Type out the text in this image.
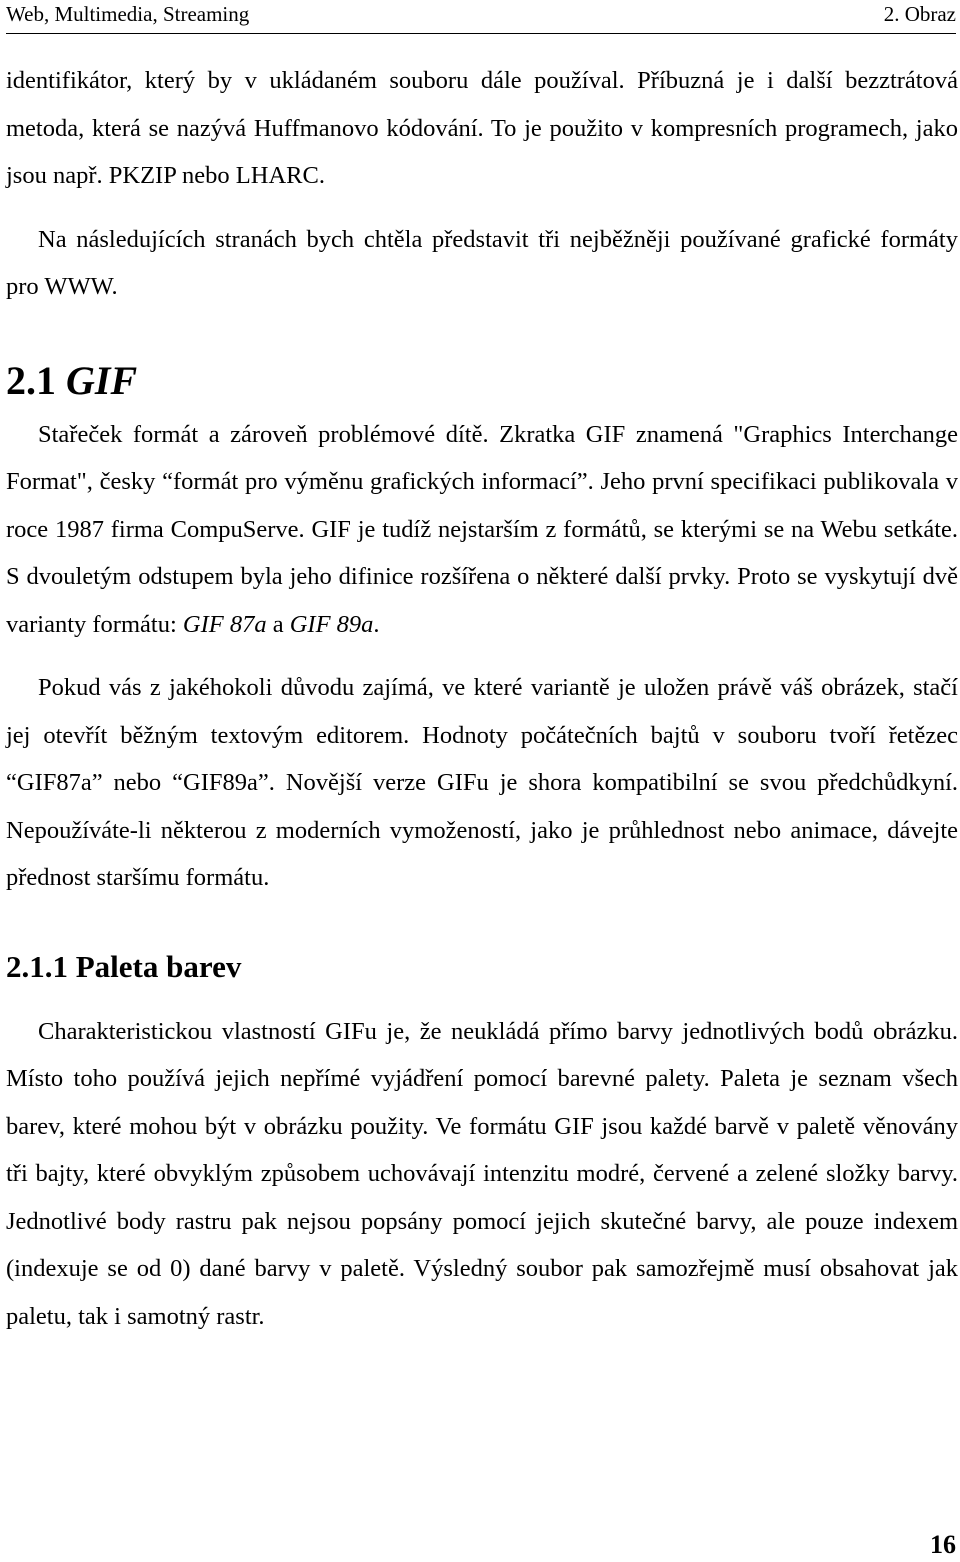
Web, Multimedia, Streaming	2. Obraz

identifikátor, který by v ukládaném souboru dále používal. Příbuzná je i další bezztrátová metoda, která se nazývá Huffmanovo kódování. To je použito v kompresních programech, jako jsou např. PKZIP nebo LHARC.

Na následujících stranách bych chtěla představit tři nejběžněji používané grafické formáty pro WWW.

2.1 GIF

Stařeček formát a zároveň problémové dítě. Zkratka GIF znamená "Graphics Interchange Format", česky “formát pro výměnu grafických informací”. Jeho první specifikaci publikovala v roce 1987 firma CompuServe. GIF je tudíž nejstarším z formátů, se kterými se na Webu setkáte. S dvouletým odstupem byla jeho difinice rozšířena o některé další prvky. Proto se vyskytují dvě varianty formátu: GIF 87a a GIF 89a.

Pokud vás z jakéhokoli důvodu zajímá, ve které variantě je uložen právě váš obrázek, stačí jej otevřít běžným textovým editorem. Hodnoty počátečních bajtů v souboru tvoří řetězec “GIF87a” nebo “GIF89a”. Novější verze GIFu je shora kompatibilní se svou předchůdkyní. Nepoužíváte-li některou z moderních vymožeností, jako je průhlednost nebo animace, dávejte přednost staršímu formátu.

2.1.1 Paleta barev

Charakteristickou vlastností GIFu je, že neukládá přímo barvy jednotlivých bodů obrázku. Místo toho používá jejich nepřímé vyjádření pomocí barevné palety. Paleta je seznam všech barev, které mohou být v obrázku použity. Ve formátu GIF jsou každé barvě v paletě věnovány tři bajty, které obvyklým způsobem uchovávají intenzitu modré, červené a zelené složky barvy. Jednotlivé body rastru pak nejsou popsány pomocí jejich skutečné barvy, ale pouze indexem (indexuje se od 0) dané barvy v paletě. Výsledný soubor pak samozřejmě musí obsahovat jak paletu, tak i samotný rastr.

16
